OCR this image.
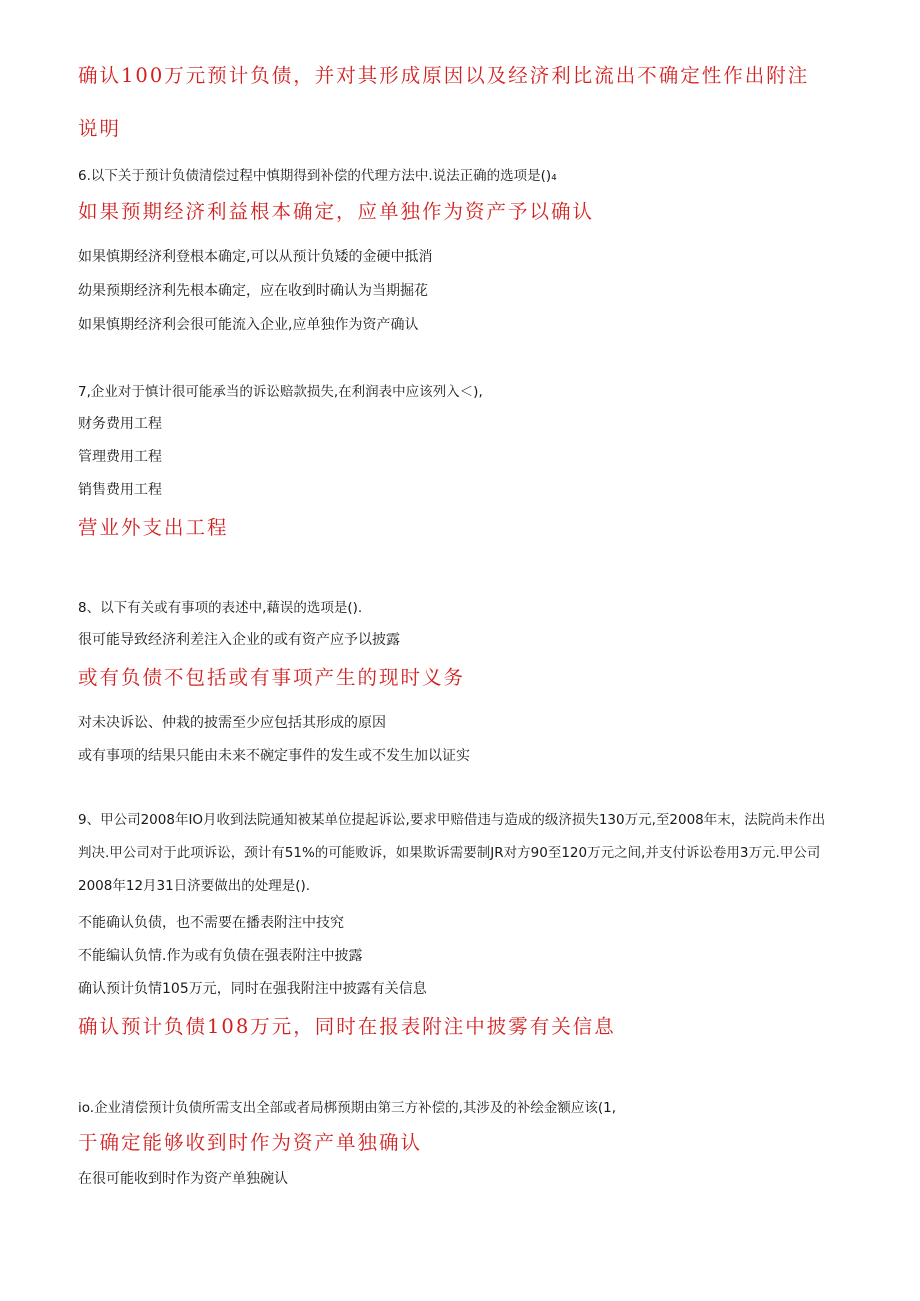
确认100万元预计负债，并对其形成原因以及经济利比流出不确定性作出附注
说明
6.以下关于预计负债清偿过程中慎期得到补偿的代理方法中.说法正确的选项是()₄
如果预期经济利益根本确定，应单独作为资产予以确认
如果慎期经济利登根本确定,可以从预计负矮的金硬中抵消
幼果预期经济利先根本确定，应在收到时确认为当期掘花
如果慎期经济利会很可能流入企业,应单独作为资产确认
7,企业对于慎计很可能承当的诉讼赔款损失,在利润表中应该列入＜),
财务费用工程
管理费用工程
销售费用工程
营业外支出工程
8、以下有关或有事项的表述中,藉误的选项是().
很可能导致经济利差注入企业的或有资产应予以披露
或有负债不包括或有事项产生的现时义务
对未决诉讼、仲栽的披需至少应包括其形成的原因
或有事项的结果只能由未来不碗定事件的发生或不发生加以证实
9、甲公司2008年IO月收到法院通知被某单位提起诉讼,要求甲赔借违与造成的级济损失130万元,至2008年末，法院尚未作出
判决.甲公司对于此项诉讼，颈计有51%的可能败诉，如果欺诉需要制JR对方90至120万元之间,并支付诉讼卷用3万元.甲公司
2008年12月31日济要做出的处理是().
不能确认负债，也不需要在播表附注中技究
不能编认负情.作为或有负债在强表附注中披露
确认预计负情105万元，同时在强我附注中披露有关信息
确认预计负债108万元，同时在报表附注中披雾有关信息
io.企业清偿预计负债所需支出全部或者局梆预期由第三方补偿的,其涉及的补绘金额应该(1,
于确定能够收到时作为资产单独确认
在很可能收到时作为资产单独碗认
